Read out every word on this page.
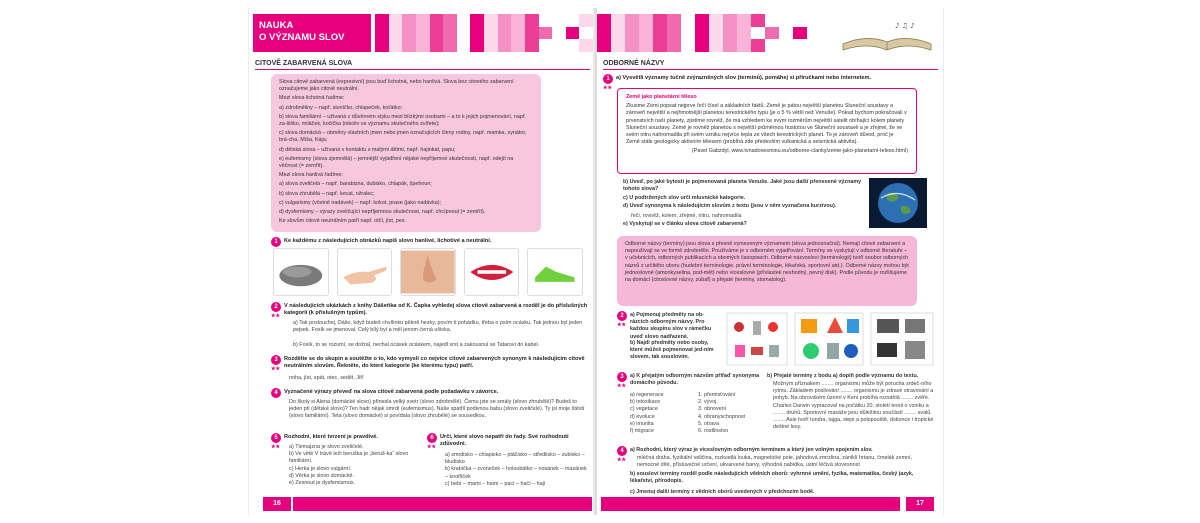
NAUKA
O VÝZNAMU SLOV
CITOVĚ ZABARVENÁ SLOVA

Slova citově zabarvená (expresivní) jsou buď lichotná, nebo hanlivá. Slova bez citového zabarvení označujeme jako citově neutrální.

Mezi slova lichotná řadíme:

a) zdrobněliny – např. sluníčko, chlapeček, koťátko;

b) slova familiární – užívaná v důvěrném styku mezi blízkými osobami – a to k jejich pojmenování, např. za-šiško, miláček, kočička (nikoliv ve významu skutečného zvířete);

c) slova domácká – obměny vlastních jmen nebo jmen označujících členy rodiny, např. mamka, synátor, brá-cha, Míša, Kája;

d) dětská slova – užívaná v kontaktu s malými dětmi, např. hajinkat, papu;

e) eufemismy (slova zjemnělá) – jemnější vyjádření nějaké nepříjemné skutečnosti, např. odejít na věčnost (= zemřít).

Mezi slova hanlivá řadíme:

a) slova zveličelá – např. barabizna, dubisko, chlapák, špehoun;

b) slova zhrubělá – např. kecat, ožralec;

c) vulgarismy (včetně nadávek) – např. kokot, prase (jako nadávka);

d) dysfemismy – výrazy zveličující nepříjemnou skutečnost, např. chcípnout (= zemřít).

Ke slovům citově neutrálním patří např. otčí, jíst, pes.

1	Ke každému z následujících obrázků napiš slovo hanlivé, lichotivé a neutrální.
2
★★
V následujících ukázkách z knihy Dášeňka od K. Čapka vyhledej slova citově zabarvená a rozděl je do příslušných kategorií (k příslušným typům).
a) Tak poslouchej, Dášo, když budeš chvílinku pěkně hezky, povím ti pohádku, třeba o psím ocásku. Tak jednou byl jeden pejsek. Foxík se jmenoval. Celý bílý byl a měl jenom černá ušiska.
b) Foxík, to se rozumí, se dožral, nechal ocásek ocáskem, najedl srst a zakousnul se Tatarovi do kabel.
3
★★
Rozdělte se do skupin a soutěžte o to, kdo vymyslí co nejvíce citově zabarvených synonym k následujícím citově neutrálním slovům. Řekněte, do které kategorie (ke kterému typu) patří.
noha, jíst, spát, otec, sedět, Jiří
4	Vyznačené výrazy převeď na slova citově zabarvená podle požadavku v závorce.
Do školy si Alena (domácké slovo) přinesla velký svetr (slovo zdrobnělé). Čemu jste se smály (slovo zhrubělé)? Budeš to jeden ptí (dětské slovo)? Ten hadr nějak smrdí (eufemismus). Naše spatřil podivnou babu (slovo zveličelé). Ty jsi moje štěstí (slovo familiární). Teta (slovo domácké) si povídala (slovo zhrubělé) se sousedkou.
5
★★
Rozhodni, které tvrzení je pravdivé.

a) Tlemajzna je slovo zveličelé.

b) Ve větě V trávě leží beruška je „beruš-ka“ slovo familiární.

c) Herka je slovo vulgární.

d) Věrka je slovo domácké.

e) Zesnout je dysfemismus.

6
★★
Urči, které slovo nepatří do řady. Své rozhodnutí zdůvodni.

a) smrdisko – chlapisko – ptáčisko – střediisko – zubisko – bludisko

b) krabička – zvoneček – holoubátko – nosánek – mazánek – knoflíček

c) bebí – mami – hami – pací – hačí – hají

16
♪ ♫ ♪
ODBORNÉ NÁZVY
1
★★
a) Vysvětli významy tučně zvýrazněných slov (termínů), pomáhej si příručkami nebo internetem.

Země jako planetární těleso

Zkusme Zemi popsat nejprve řečí čísel a základních faktů. Země je pátou největší planetou Sluneční soustavy a zároveň největší a nejhmotnější planetou terestrického typu (je o 5 % větší než Venuše). Pokud bychom pokračovali v prvenstvích naší planety, zjistíme rovněž, že má vzhledem ke svým rozměrům největší satelit obíhající kolem planety Sluneční soustavy. Země je rovněž planetou s největší průměrnou hustotou ve Sluneční soustavě a je zřejmé, že ve svém nitru nahromadila při svém vzniku nejvíce tepla ze všech terestrických planet. To je zároveň důvod, proč je Země stále geologicky aktivním tělesem (probíhá zde především vulkanická a seismická aktivita).

(Pavel Gabzdyl, www.tvnadovesminu.eu/odborne-clanky/zeme-jako-planetarni-teleso.html)

b) Uveď, po jaké bytosti je pojmenovaná planeta Venuše. Jaké jsou další přenesené významy tohoto slova?
c) U podtržených slov urči mluvnické kategorie.
d) Uveď synonyma k následujícím slovům z textu (jsou v něm vyznačena kurzívou).
řeči, rovněž, kolem, zřejmé, nitru, nahromadila
e) Vyskytují se v článku slova citově zabarvená?

Odborné názvy (termíny) jsou slova s přesně vymezeným významem (slova jednoznačná). Nemají citové zabarvení a nepoužívají se ve formě zdrobnělin. Používáme je v odborném vyjadřování. Termíny se vyskytují v odborné literatuře – v učebnicích, odborných publikacích a obomých časopisech. Odborné názvosloví (terminologii) tvoří soubor odborných názvů z určitého oboru (hudební terminologie, právní terminologie, lékařská, sportovní atd.). Odborné názvy mohou být jednoslovné (amonkyselina, pod-mět) nebo víceslovné (přívlastek neshodný, pevný disk). Podle původu je rozlišujeme na domácí (citoslovné názvy, zubaf) a přejaté (termíny, stomatolog).

2
★★
a) Pojmenuj předměty na ob-rázcích odborným názvy. Pro každou skupinu slov v rámečku uveď slovo nadřazené.
b) Najdi předměty nebo osoby, které můžeš pojmenovat jed-ním slovem, tak souslovím.
3
★★
a) K přejatým odborným názvům přiřaď synonyma domácího původu.

a) regenerace

b) intoxikace

c) vegetace

d) evoluce

e) imunita

f) migrace

1. přemisťování

2. vývoj

3. obnovení

4. obranyschopnost

5. otrava

6. rostlinstvo

b) Přejaté termíny z bodu a) doplň podle významu do textu.
Možným příznakem ........ organismu může být porucha srdeč-ního rytmu. Základem posilování ........ organismu je zdravé stravování a pohyb. Na obrovském území v Keni probíhá rozsáhlá ........ zvěře. Charles Darwin vypracoval na počátku 20. století teorii o vzniku a ........ druhů. Sportovní masáže jsou důležitou součástí ........ svalů. ........ Asie tvoří tundra, tajga, stepi a polopouště, dokonce i tropické deštné lesy.
4
★★
a) Rozhodni, který výraz je víceslovným odborným termínem a který jen volným spojením slov.
mléčná dráha, fyzikální veličina, rozkvetlá louka, magnetické pole, jahodová zmrzlina, zániklí hrtanu, čmelák zemní, nemocné dítě, přísluvečné určení, ukvarvené barvy, výhodná nabídka, ustní léčivá slovesnost
b) sousloví termíny rozděl podle následujících vědních oborů: vyhrnné umění, fyzika, matematika, český jazyk, lékařství, přírodopis.
c) Jmenuj další termíny z vědních oborů uvedených v předchozím bodě.
17
